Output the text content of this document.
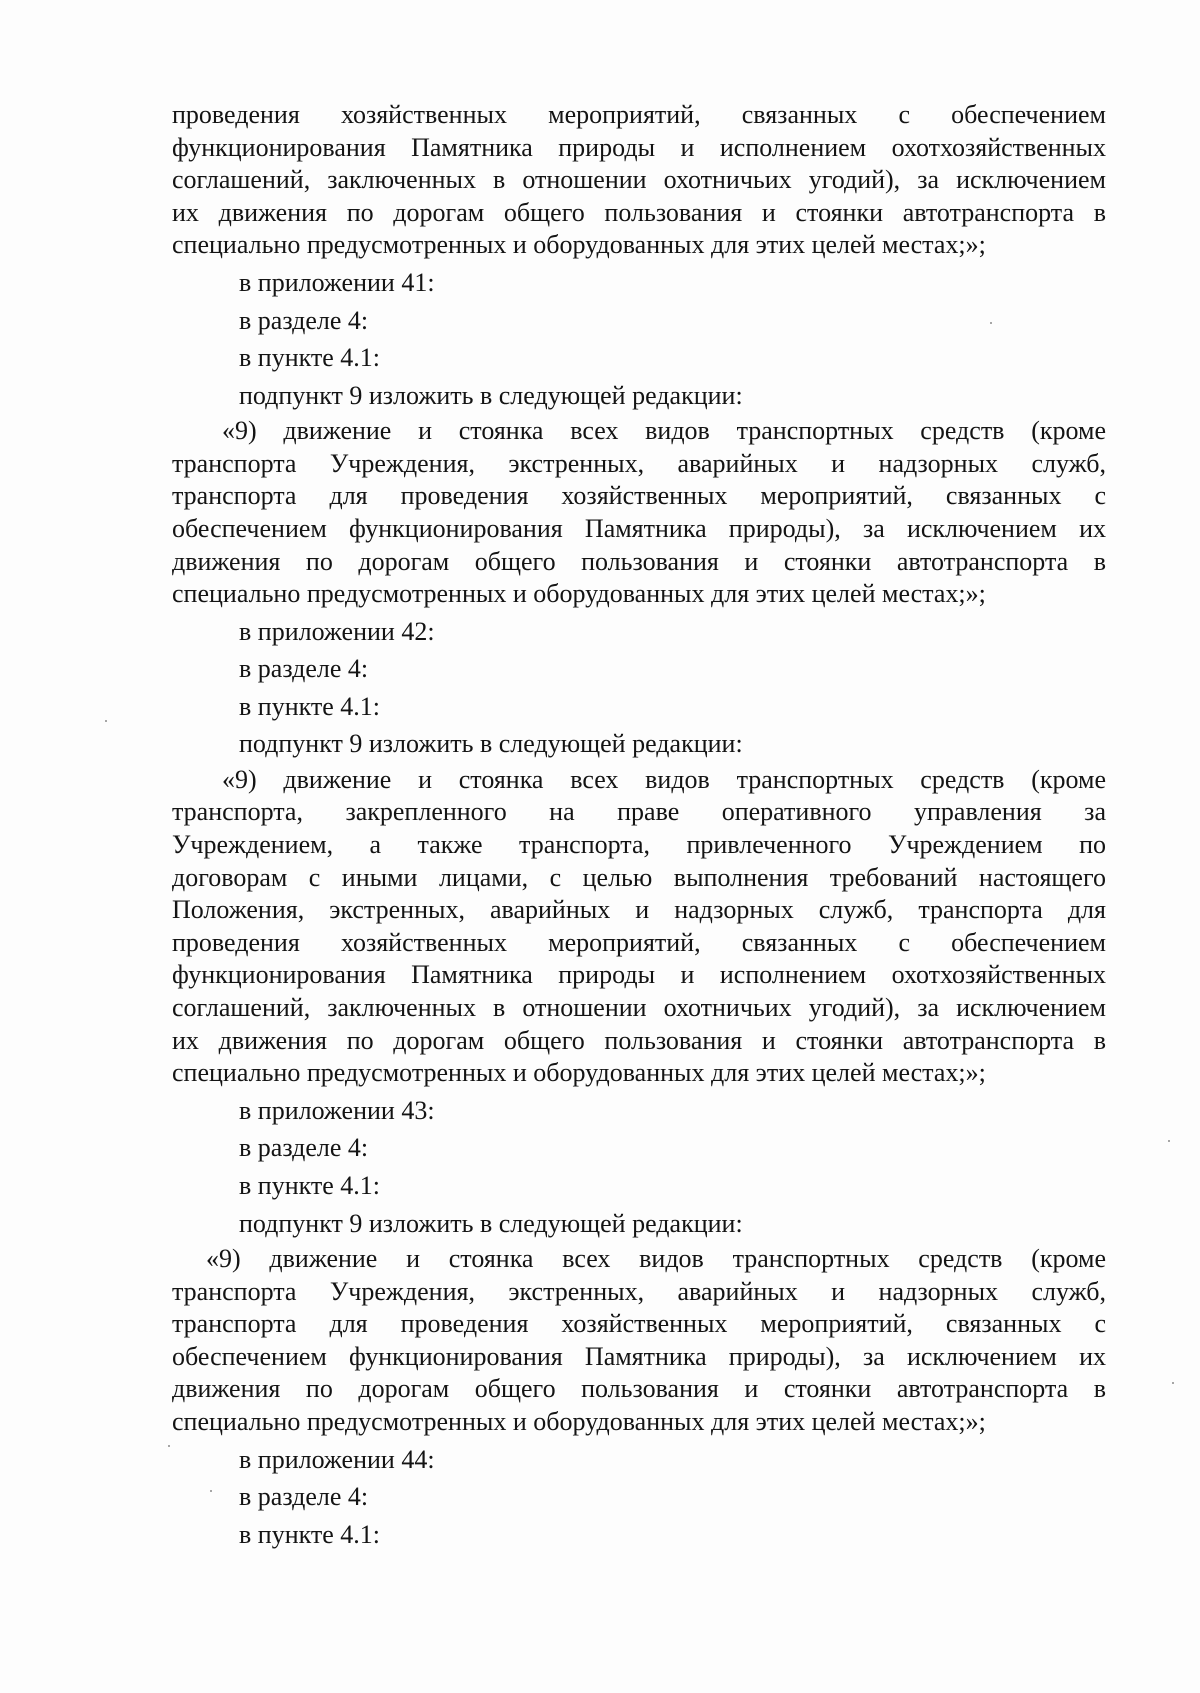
проведения хозяйственных мероприятий, связанных с обеспечением
функционирования Памятника природы и исполнением охотхозяйственных
соглашений, заключенных в отношении охотничьих угодий), за исключением
их движения по дорогам общего пользования и стоянки автотранспорта в
специально предусмотренных и оборудованных для этих целей местах;»;
в приложении 41:
в разделе 4:
в пункте 4.1:
подпункт 9 изложить в следующей редакции:
«9) движение и стоянка всех видов транспортных средств (кроме
транспорта Учреждения, экстренных, аварийных и надзорных служб,
транспорта для проведения хозяйственных мероприятий, связанных с
обеспечением функционирования Памятника природы), за исключением их
движения по дорогам общего пользования и стоянки автотранспорта в
специально предусмотренных и оборудованных для этих целей местах;»;
в приложении 42:
в разделе 4:
в пункте 4.1:
подпункт 9 изложить в следующей редакции:
«9) движение и стоянка всех видов транспортных средств (кроме
транспорта, закрепленного на праве оперативного управления за
Учреждением, а также транспорта, привлеченного Учреждением по
договорам с иными лицами, с целью выполнения требований настоящего
Положения, экстренных, аварийных и надзорных служб, транспорта для
проведения хозяйственных мероприятий, связанных с обеспечением
функционирования Памятника природы и исполнением охотхозяйственных
соглашений, заключенных в отношении охотничьих угодий), за исключением
их движения по дорогам общего пользования и стоянки автотранспорта в
специально предусмотренных и оборудованных для этих целей местах;»;
в приложении 43:
в разделе 4:
в пункте 4.1:
подпункт 9 изложить в следующей редакции:
«9) движение и стоянка всех видов транспортных средств (кроме
транспорта Учреждения, экстренных, аварийных и надзорных служб,
транспорта для проведения хозяйственных мероприятий, связанных с
обеспечением функционирования Памятника природы), за исключением их
движения по дорогам общего пользования и стоянки автотранспорта в
специально предусмотренных и оборудованных для этих целей местах;»;
в приложении 44:
в разделе 4:
в пункте 4.1:
